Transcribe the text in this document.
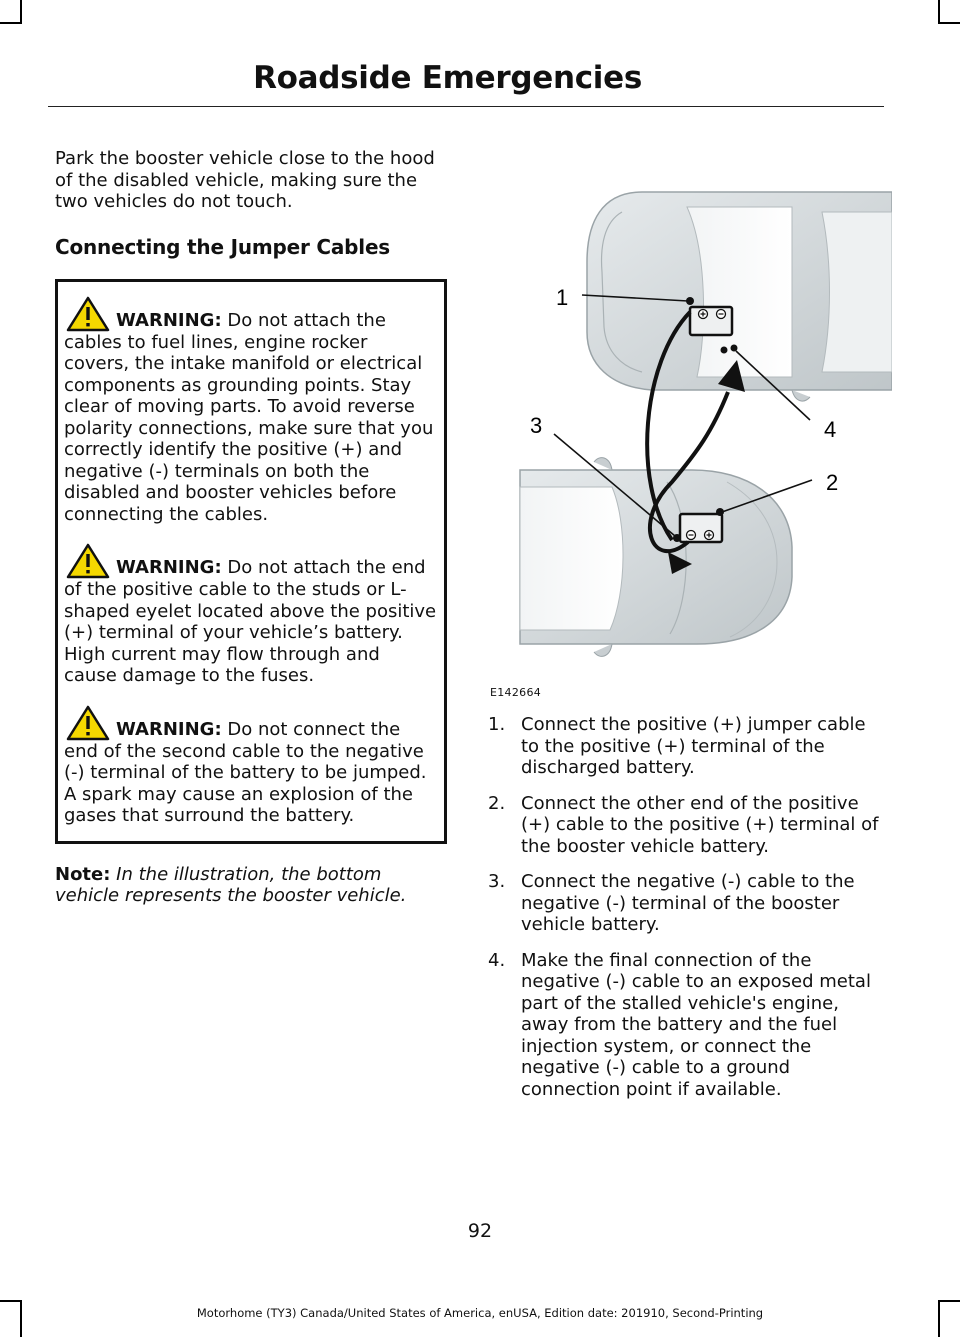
Roadside Emergencies

Park the booster vehicle close to the hood of the disabled vehicle, making sure the two vehicles do not touch.

Connecting the Jumper Cables

WARNING: Do not attach the cables to fuel lines, engine rocker covers, the intake manifold or electrical components as grounding points. Stay clear of moving parts. To avoid reverse polarity connections, make sure that you correctly identify the positive (+) and negative (-) terminals on both the disabled and booster vehicles before connecting the cables.

WARNING: Do not attach the end of the positive cable to the studs or L-shaped eyelet located above the positive (+) terminal of your vehicle’s battery. High current may flow through and cause damage to the fuses.

WARNING: Do not connect the end of the second cable to the negative (-) terminal of the battery to be jumped. A spark may cause an explosion of the gases that surround the battery.

Note: In the illustration, the bottom vehicle represents the booster vehicle.

1
3	4
2
E142664
1. Connect the positive (+) jumper cable to the positive (+) terminal of the discharged battery.
2. Connect the other end of the positive (+) cable to the positive (+) terminal of the booster vehicle battery.
3. Connect the negative (-) cable to the negative (-) terminal of the booster vehicle battery.
4. Make the final connection of the negative (-) cable to an exposed metal part of the stalled vehicle's engine, away from the battery and the fuel injection system, or connect the negative (-) cable to a ground connection point if available.
92
Motorhome (TY3) Canada/United States of America, enUSA, Edition date: 201910, Second-Printing
